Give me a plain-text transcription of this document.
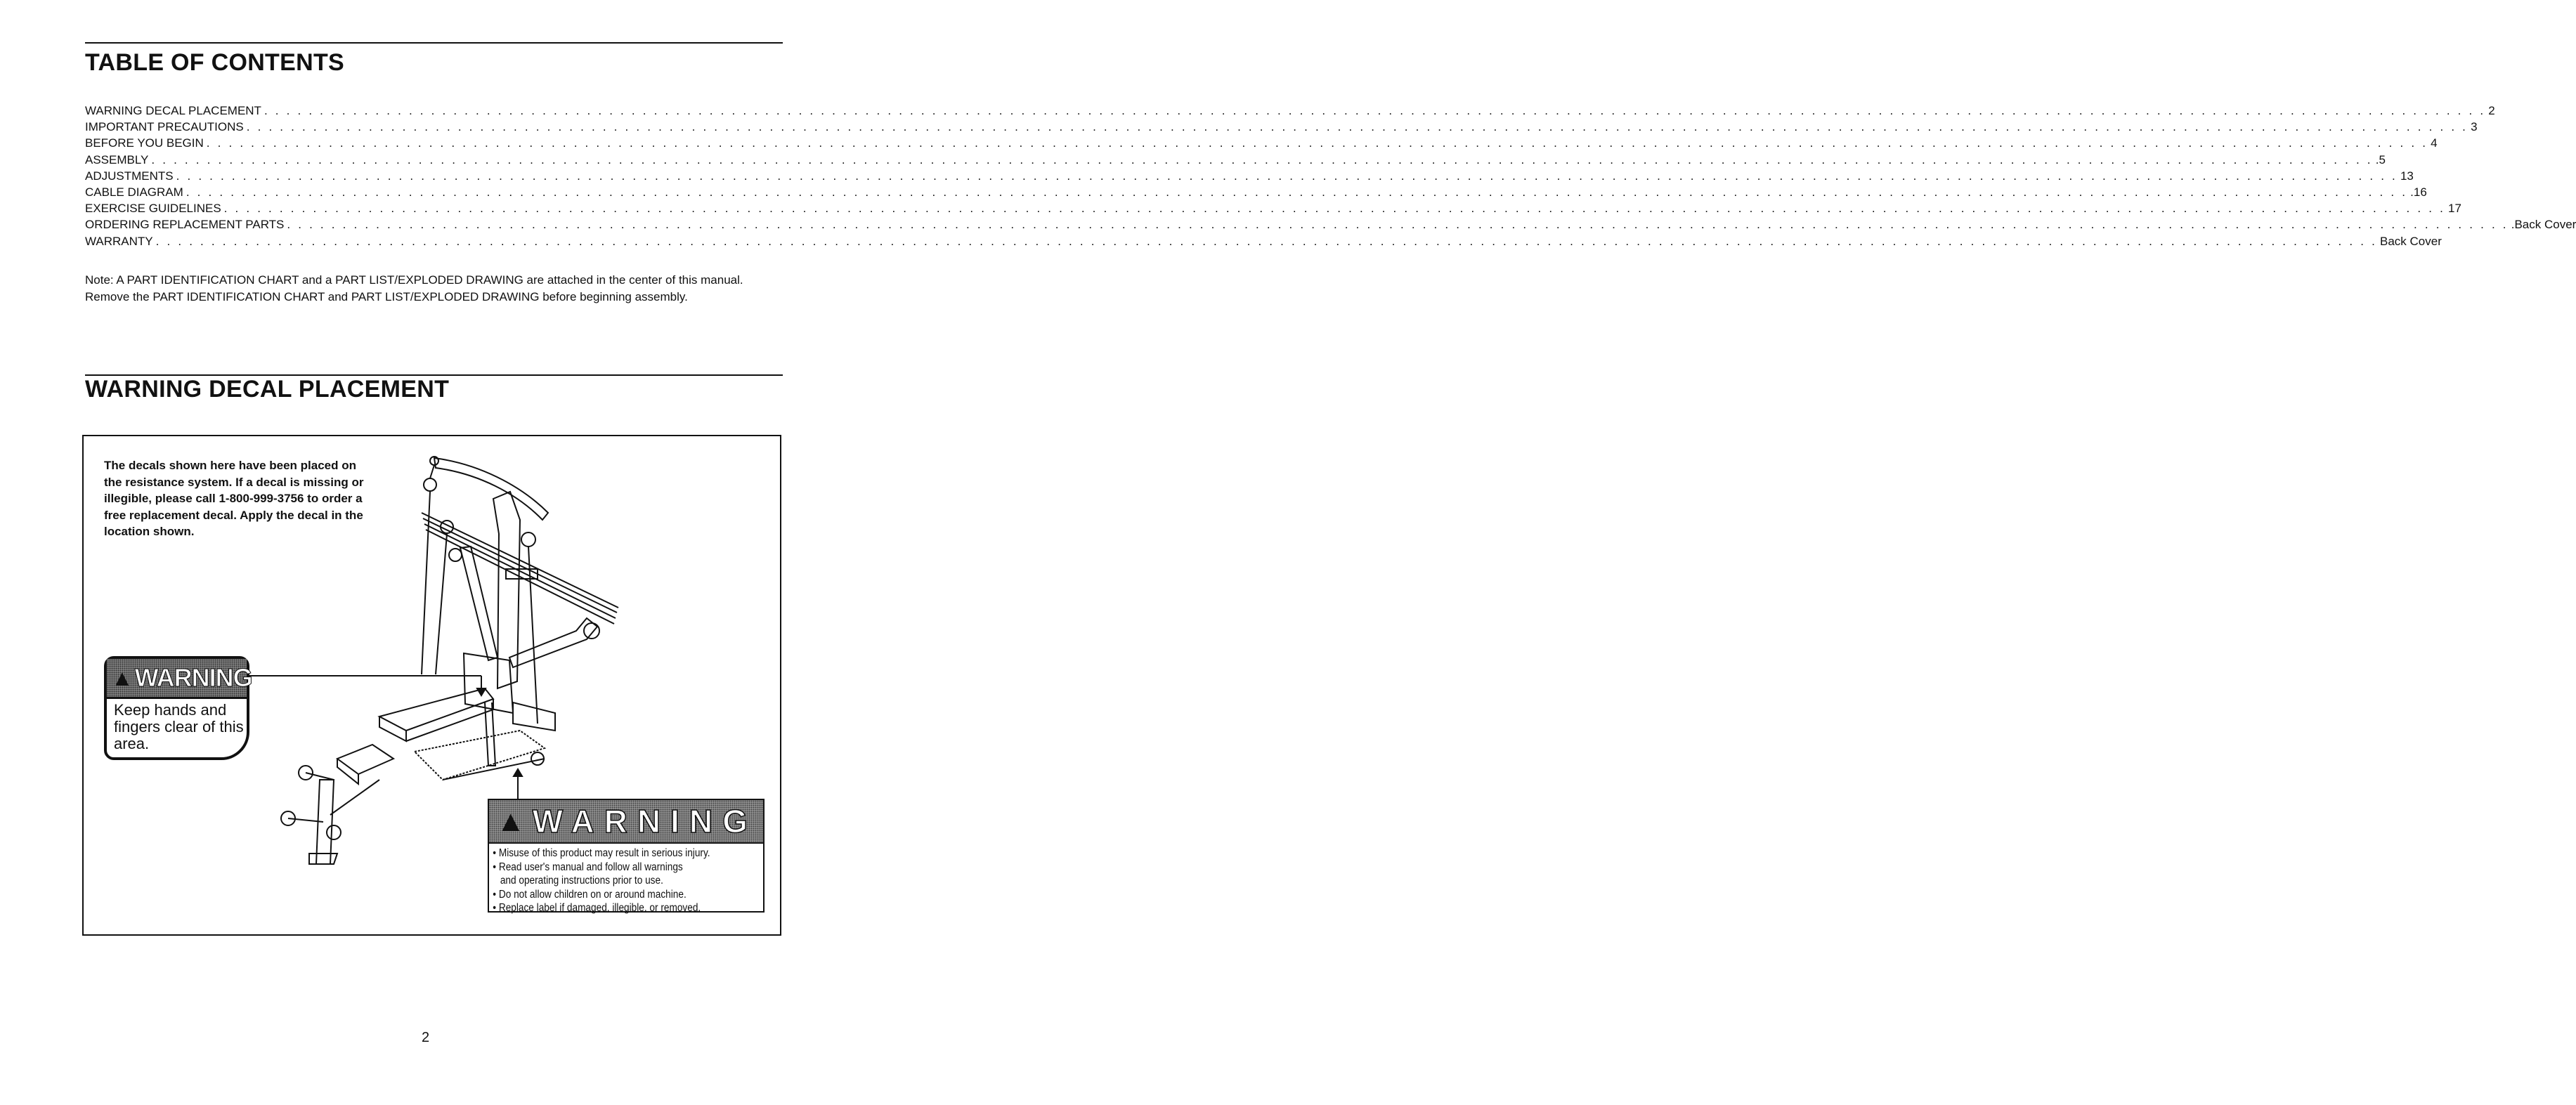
TABLE OF CONTENTS
WARNING DECAL PLACEMENT . . . . . . . . . . . . . . . . . . . . . . . . . . . . . . . . . . . . . . . . . . . . . . . . . . . . . . . . . . . . . . . . . . . . . . . . . . . . . . . . . . . . . . . . . . . . . . . . . . . . . . . . . . . . . . . . . . . . . . . . . . . . . . . . . . . . . . . . . . . . . . . . . . . . . . . . . . . . . . . . . . . . . . . . . . . . . . . . . . . . . . . . . . . . . . . . . . . . . . . . 2
IMPORTANT PRECAUTIONS . . . . . . . . . . . . . . . . . . . . . . . . . . . . . . . . . . . . . . . . . . . . . . . . . . . . . . . . . . . . . . . . . . . . . . . . . . . . . . . . . . . . . . . . . . . . . . . . . . . . . . . . . . . . . . . . . . . . . . . . . . . . . . . . . . . . . . . . . . . . . . . . . . . . . . . . . . . . . . . . . . . . . . . . . . . . . . . . . . . . . . . . . . . . . . . . . . . . . . . . 3
BEFORE YOU BEGIN . . . . . . . . . . . . . . . . . . . . . . . . . . . . . . . . . . . . . . . . . . . . . . . . . . . . . . . . . . . . . . . . . . . . . . . . . . . . . . . . . . . . . . . . . . . . . . . . . . . . . . . . . . . . . . . . . . . . . . . . . . . . . . . . . . . . . . . . . . . . . . . . . . . . . . . . . . . . . . . . . . . . . . . . . . . . . . . . . . . . . . . . . . . . . . . . . . . . . . . . 4
ASSEMBLY . . . . . . . . . . . . . . . . . . . . . . . . . . . . . . . . . . . . . . . . . . . . . . . . . . . . . . . . . . . . . . . . . . . . . . . . . . . . . . . . . . . . . . . . . . . . . . . . . . . . . . . . . . . . . . . . . . . . . . . . . . . . . . . . . . . . . . . . . . . . . . . . . . . . . . . . . . . . . . . . . . . . . . . . . . . . . . . . . . . . . . . . . . . . . . . . . . . . . . . . .5
ADJUSTMENTS . . . . . . . . . . . . . . . . . . . . . . . . . . . . . . . . . . . . . . . . . . . . . . . . . . . . . . . . . . . . . . . . . . . . . . . . . . . . . . . . . . . . . . . . . . . . . . . . . . . . . . . . . . . . . . . . . . . . . . . . . . . . . . . . . . . . . . . . . . . . . . . . . . . . . . . . . . . . . . . . . . . . . . . . . . . . . . . . . . . . . . . . . . . . . . . . . . . . . . . . 13
CABLE DIAGRAM . . . . . . . . . . . . . . . . . . . . . . . . . . . . . . . . . . . . . . . . . . . . . . . . . . . . . . . . . . . . . . . . . . . . . . . . . . . . . . . . . . . . . . . . . . . . . . . . . . . . . . . . . . . . . . . . . . . . . . . . . . . . . . . . . . . . . . . . . . . . . . . . . . . . . . . . . . . . . . . . . . . . . . . . . . . . . . . . . . . . . . . . . . . . . . . . . . . . . . . . .16
EXERCISE GUIDELINES . . . . . . . . . . . . . . . . . . . . . . . . . . . . . . . . . . . . . . . . . . . . . . . . . . . . . . . . . . . . . . . . . . . . . . . . . . . . . . . . . . . . . . . . . . . . . . . . . . . . . . . . . . . . . . . . . . . . . . . . . . . . . . . . . . . . . . . . . . . . . . . . . . . . . . . . . . . . . . . . . . . . . . . . . . . . . . . . . . . . . . . . . . . . . . . . . . . . . . . . 17
ORDERING REPLACEMENT PARTS . . . . . . . . . . . . . . . . . . . . . . . . . . . . . . . . . . . . . . . . . . . . . . . . . . . . . . . . . . . . . . . . . . . . . . . . . . . . . . . . . . . . . . . . . . . . . . . . . . . . . . . . . . . . . . . . . . . . . . . . . . . . . . . . . . . . . . . . . . . . . . . . . . . . . . . . . . . . . . . . . . . . . . . . . . . . . . . . . . . . . . . . . . . . . . . . . . . . . . . . .Back Cover
WARRANTY . . . . . . . . . . . . . . . . . . . . . . . . . . . . . . . . . . . . . . . . . . . . . . . . . . . . . . . . . . . . . . . . . . . . . . . . . . . . . . . . . . . . . . . . . . . . . . . . . . . . . . . . . . . . . . . . . . . . . . . . . . . . . . . . . . . . . . . . . . . . . . . . . . . . . . . . . . . . . . . . . . . . . . . . . . . . . . . . . . . . . . . . . . . . . . . . . . . . . . . . Back Cover

Note: A PART IDENTIFICATION CHART and a PART LIST/EXPLODED DRAWING are attached in the center of this manual. Remove the PART IDENTIFICATION CHART and PART LIST/EXPLODED DRAWING before beginning assembly.

WARNING DECAL PLACEMENT

The decals shown here have been placed on the resistance system. If a decal is missing or illegible, please call 1-800-999-3756 to order a free replacement decal. Apply the decal in the location shown.

▲ WARNING
Keep hands and fingers clear of this area.
▲ WARNING
• Misuse of this product may result in serious injury.
• Read user's manual and follow all warnings
and operating instructions prior to use.
• Do not allow children on or around machine.
• Replace label if damaged, illegible, or removed.
2
